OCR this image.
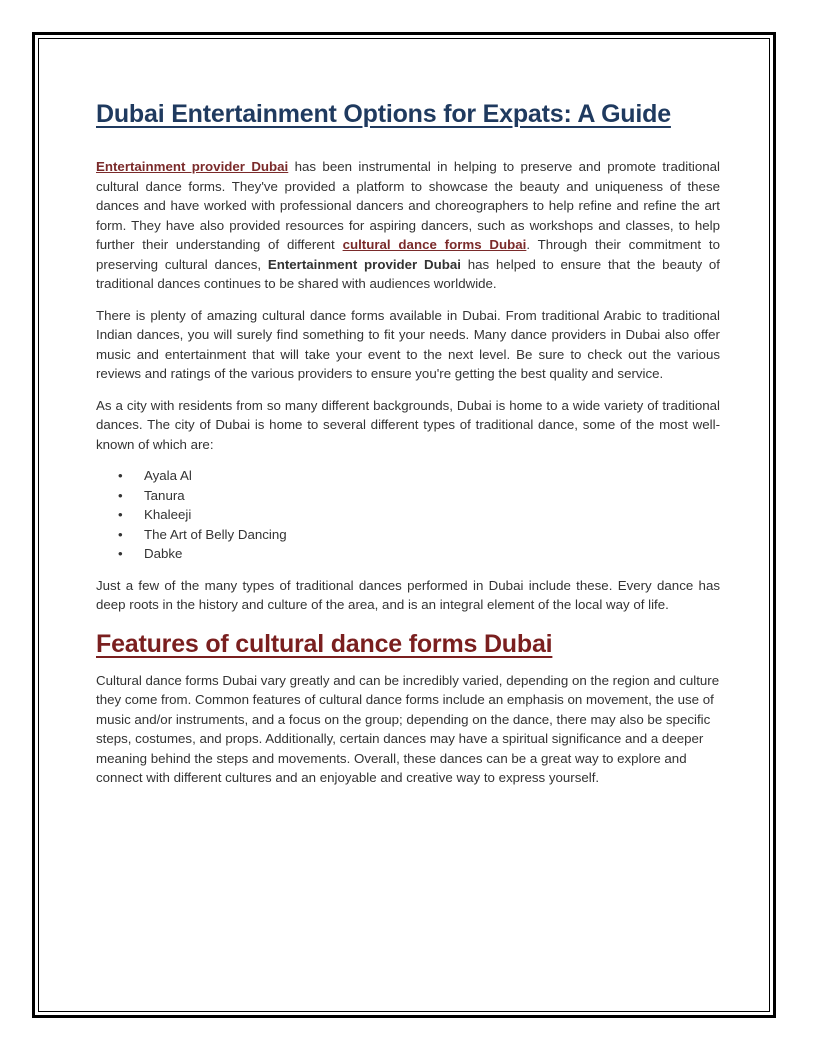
Dubai Entertainment Options for Expats: A Guide

Entertainment provider Dubai has been instrumental in helping to preserve and promote traditional cultural dance forms. They've provided a platform to showcase the beauty and uniqueness of these dances and have worked with professional dancers and choreographers to help refine and refine the art form. They have also provided resources for aspiring dancers, such as workshops and classes, to help further their understanding of different cultural dance forms Dubai. Through their commitment to preserving cultural dances, Entertainment provider Dubai has helped to ensure that the beauty of traditional dances continues to be shared with audiences worldwide.

There is plenty of amazing cultural dance forms available in Dubai. From traditional Arabic to traditional Indian dances, you will surely find something to fit your needs. Many dance providers in Dubai also offer music and entertainment that will take your event to the next level. Be sure to check out the various reviews and ratings of the various providers to ensure you're getting the best quality and service.

As a city with residents from so many different backgrounds, Dubai is home to a wide variety of traditional dances. The city of Dubai is home to several different types of traditional dance, some of the most well-known of which are:

• Ayala Al
• Tanura
• Khaleeji
• The Art of Belly Dancing
• Dabke

Just a few of the many types of traditional dances performed in Dubai include these. Every dance has deep roots in the history and culture of the area, and is an integral element of the local way of life.

Features of cultural dance forms Dubai

Cultural dance forms Dubai vary greatly and can be incredibly varied, depending on the region and culture they come from. Common features of cultural dance forms include an emphasis on movement, the use of music and/or instruments, and a focus on the group; depending on the dance, there may also be specific steps, costumes, and props. Additionally, certain dances may have a spiritual significance and a deeper meaning behind the steps and movements. Overall, these dances can be a great way to explore and connect with different cultures and an enjoyable and creative way to express yourself.
